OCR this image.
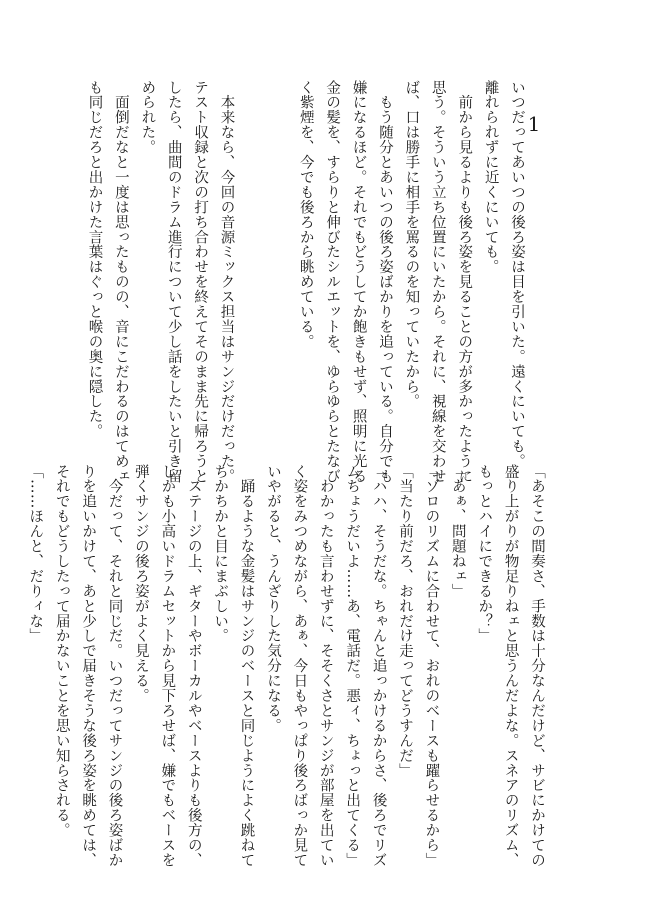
1
いつだってあいつの後ろ姿は目を引いた。遠くにいても。
離れられずに近くにいても。
　前から見るよりも後ろ姿を見ることの方が多かったように
思う。そういう立ち位置にいたから。それに、視線を交わせ
ば、口は勝手に相手を罵るのを知っていたから。
　もう随分とあいつの後ろ姿ばかりを追っている。自分でも
嫌になるほど。それでもどうしてか飽きもせず、照明に光る
金の髪を、すらりと伸びたシルエットを、ゆらゆらとたなび
く紫煙を、今でも後ろから眺めている。

　本来なら、今回の音源ミックス担当はサンジだけだった。
テスト収録と次の打ち合わせを終えてそのまま先に帰ろうと
したら、曲間のドラム進行について少し話をしたいと引き留
められた。
　面倒だなと一度は思ったものの、音にこだわるのはてめェ
も同じだろと出かけた言葉はぐっと喉の奥に隠した。
「あそこの間奏さ、手数は十分なんだけど、サビにかけての
盛り上がりが物足りねェと思うんだよな。スネアのリズム、
もっとハイにできるか？」
「あぁ、問題ねェ」
「ゾロのリズムに合わせて、おれのベースも躍らせるから」
「当たり前だろ、おれだけ走ってどうすんだ」
「ハハ、そうだな。ちゃんと追っかけるからさ、後ろでリズ
ムちょうだいよ……あ、電話だ。悪ィ、ちょっと出てくる」
　わかったも言わせずに、そそくさとサンジが部屋を出てい
く姿をみつめながら、あぁ、今日もやっぱり後ろばっか見て
いやがると、うんざりした気分になる。
　踊るような金髪はサンジのベースと同じようによく跳ねて
ちかちかと目にまぶしい。
　ステージの上、ギターやボーカルやベースよりも後方の、
しかも小高いドラムセットから見下ろせば、嫌でもベースを
弾くサンジの後ろ姿がよく見える。
　今だって、それと同じだ。いつだってサンジの後ろ姿ばか
りを追いかけて、あと少しで届きそうな後ろ姿を眺めては、
それでもどうしたって届かないことを思い知らされる。
「……ほんと、だりィな」
